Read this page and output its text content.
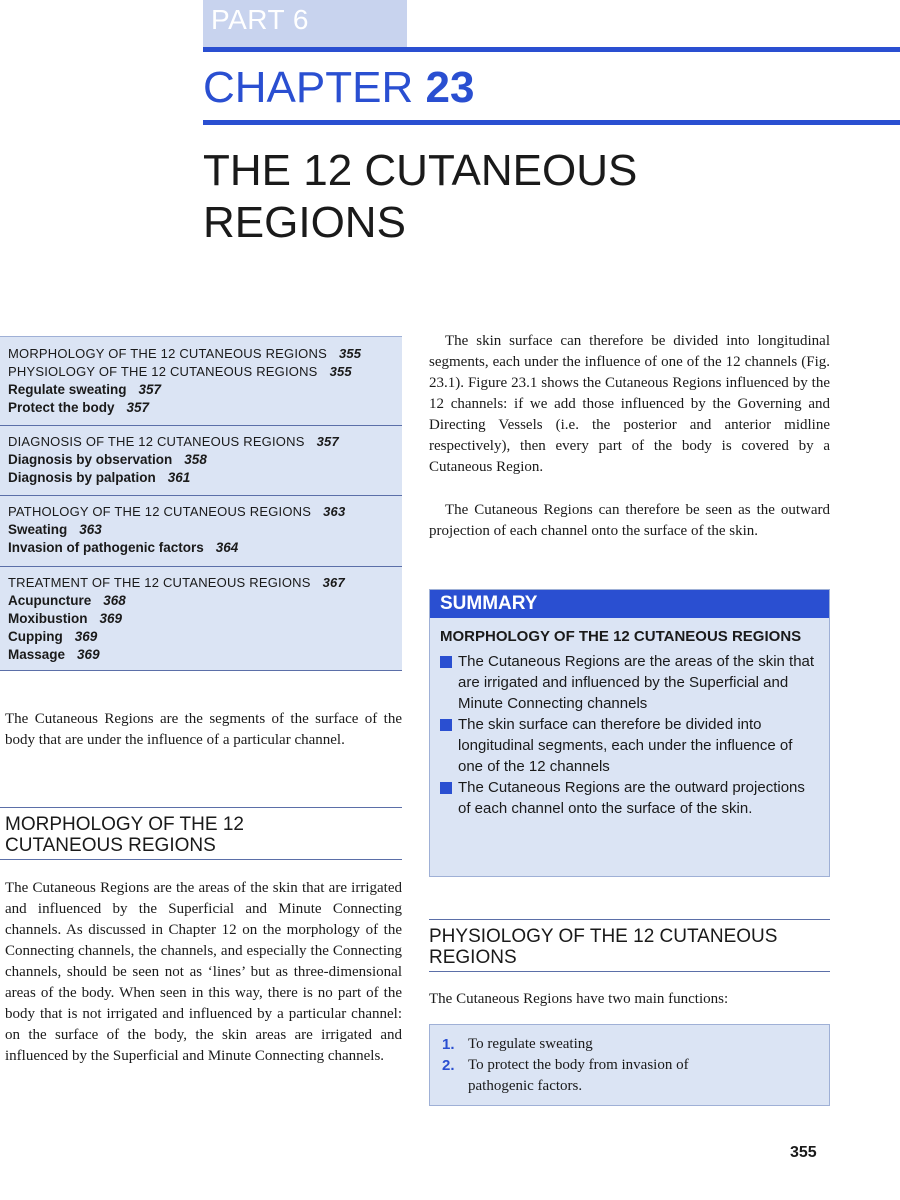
PART 6
CHAPTER 23
THE 12 CUTANEOUS
REGIONS
MORPHOLOGY OF THE 12 CUTANEOUS REGIONS 355
PHYSIOLOGY OF THE 12 CUTANEOUS REGIONS 355
Regulate sweating 357
Protect the body 357
DIAGNOSIS OF THE 12 CUTANEOUS REGIONS 357
Diagnosis by observation 358
Diagnosis by palpation 361
PATHOLOGY OF THE 12 CUTANEOUS REGIONS 363
Sweating 363
Invasion of pathogenic factors 364
TREATMENT OF THE 12 CUTANEOUS REGIONS 367
Acupuncture 368
Moxibustion 369
Cupping 369
Massage 369
The Cutaneous Regions are the segments of the surface of the body that are under the influence of a particular channel.
MORPHOLOGY OF THE 12
CUTANEOUS REGIONS
The Cutaneous Regions are the areas of the skin that are irrigated and influenced by the Superficial and Minute Connecting channels. As discussed in Chapter 12 on the morphology of the Connecting channels, the channels, and especially the Connecting channels, should be seen not as ‘lines’ but as three-dimensional areas of the body. When seen in this way, there is no part of the body that is not irrigated and influenced by a particular channel: on the surface of the body, the skin areas are irrigated and influenced by the Superficial and Minute Connecting channels.
The skin surface can therefore be divided into longitudinal segments, each under the influence of one of the 12 channels (Fig. 23.1). Figure 23.1 shows the Cutaneous Regions influenced by the 12 channels: if we add those influenced by the Governing and Directing Vessels (i.e. the posterior and anterior midline respectively), then every part of the body is covered by a Cutaneous Region.
The Cutaneous Regions can therefore be seen as the outward projection of each channel onto the surface of the skin.
SUMMARY
MORPHOLOGY OF THE 12 CUTANEOUS REGIONS
The Cutaneous Regions are the areas of the skin that are irrigated and influenced by the Superficial and Minute Connecting channels
The skin surface can therefore be divided into longitudinal segments, each under the influence of one of the 12 channels
The Cutaneous Regions are the outward projections of each channel onto the surface of the skin.
PHYSIOLOGY OF THE 12 CUTANEOUS
REGIONS
The Cutaneous Regions have two main functions:
1. To regulate sweating
2. To protect the body from invasion of pathogenic factors.
355
